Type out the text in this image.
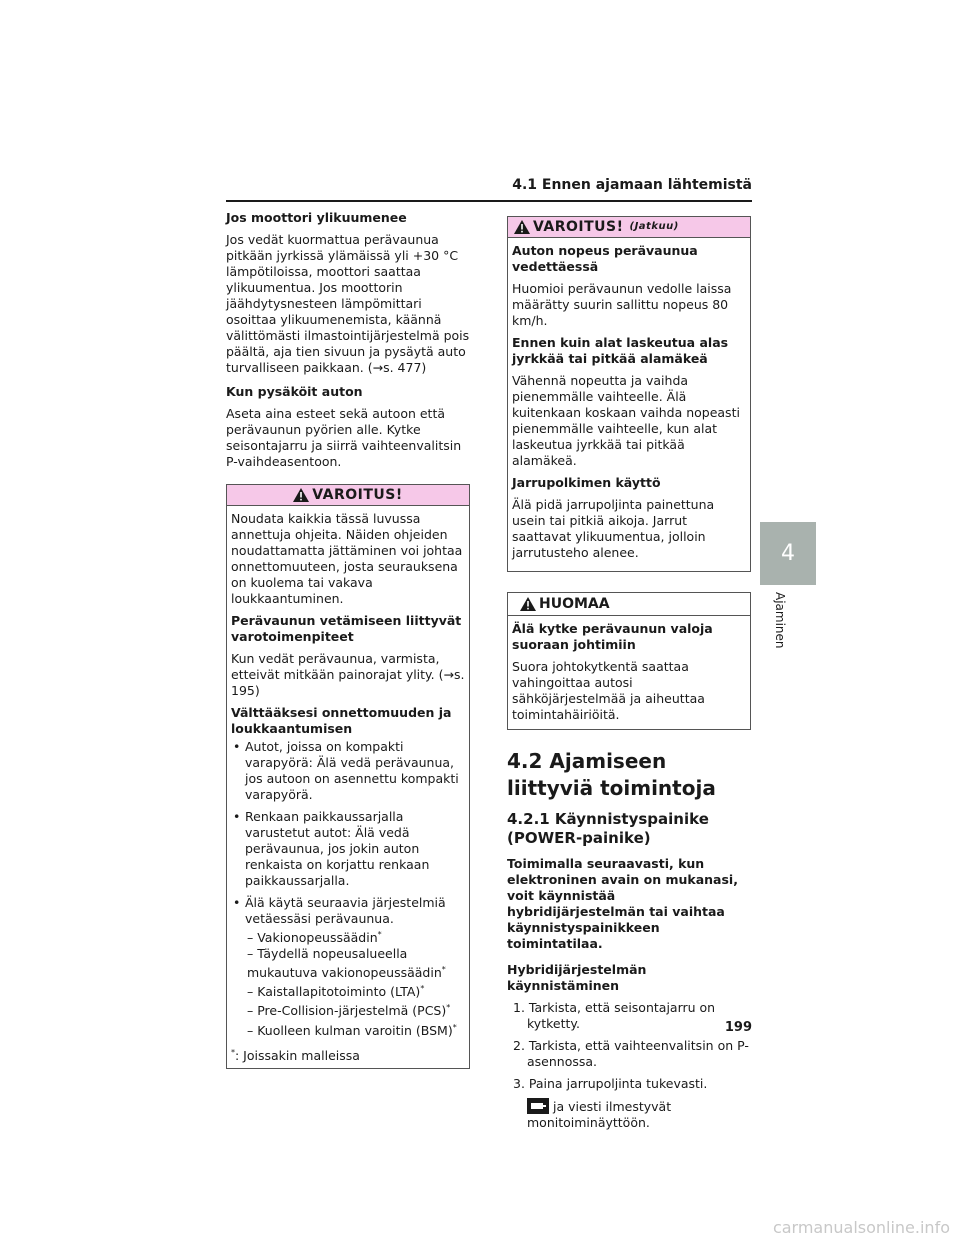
4.1 Ennen ajamaan lähtemistä
4
Ajaminen
Jos moottori ylikuumenee

Jos vedät kuormattua perävaunua pitkään jyrkissä ylämäissä yli +30 °C lämpötiloissa, moottori saattaa ylikuumentua. Jos moottorin jäähdytysnesteen lämpömittari osoittaa ylikuumenemista, käännä välittömästi ilmastointijärjestelmä pois päältä, aja tien sivuun ja pysäytä auto turvalliseen paikkaan. (→s. 477)

Kun pysäköit auton

Aseta aina esteet sekä autoon että perävaunun pyörien alle. Kytke seisontajarru ja siirrä vaihteenvalitsin P-vaihdeasentoon.

VAROITUS!

Noudata kaikkia tässä luvussa annettuja ohjeita. Näiden ohjeiden noudattamatta jättäminen voi johtaa onnettomuuteen, josta seurauksena on kuolema tai vakava loukkaantuminen.

Perävaunun vetämiseen liittyvät varotoimenpiteet

Kun vedät perävaunua, varmista, etteivät mitkään painorajat ylity. (→s. 195)

Välttääksesi onnettomuuden ja loukkaantumisen
• Autot, joissa on kompakti varapyörä: Älä vedä perävaunua, jos autoon on asennettu kompakti varapyörä.
• Renkaan paikkaussarjalla varustetut autot: Älä vedä perävaunua, jos jokin auton renkaista on korjattu renkaan paikkaussarjalla.
• Älä käytä seuraavia järjestelmiä vetäessäsi perävaunua.
– Vakionopeussäädin*
– Täydellä nopeusalueella mukautuva vakionopeussäädin*
– Kaistallapitotoiminto (LTA)*
– Pre-Collision-järjestelmä (PCS)*
– Kuolleen kulman varoitin (BSM)*
*: Joissakin malleissa
VAROITUS! (Jatkuu)
Auton nopeus perävaunua vedettäessä

Huomioi perävaunun vedolle laissa määrätty suurin sallittu nopeus 80 km/h.

Ennen kuin alat laskeutua alas jyrkkää tai pitkää alamäkeä

Vähennä nopeutta ja vaihda pienemmälle vaihteelle. Älä kuitenkaan koskaan vaihda nopeasti pienemmälle vaihteelle, kun alat laskeutua jyrkkää tai pitkää alamäkeä.

Jarrupolkimen käyttö

Älä pidä jarrupoljinta painettuna usein tai pitkiä aikoja. Jarrut saattavat ylikuumentua, jolloin jarrutusteho alenee.

HUOMAA
Älä kytke perävaunun valoja suoraan johtimiin

Suora johtokytkentä saattaa vahingoittaa autosi sähköjärjestelmää ja aiheuttaa toimintahäiriöitä.

4.2 Ajamiseen liittyviä toimintoja
4.2.1 Käynnistyspainike (POWER-painike)

Toimimalla seuraavasti, kun elektroninen avain on mukanasi, voit käynnistää hybridijärjestelmän tai vaihtaa käynnistyspainikkeen toimintatilaa.

Hybridijärjestelmän käynnistäminen
1. Tarkista, että seisontajarru on kytketty.
2. Tarkista, että vaihteenvalitsin on P-asennossa.
3. Paina jarrupoljinta tukevasti.
ja viesti ilmestyvät monitoiminäyttöön.
199
carmanualsonline.info
